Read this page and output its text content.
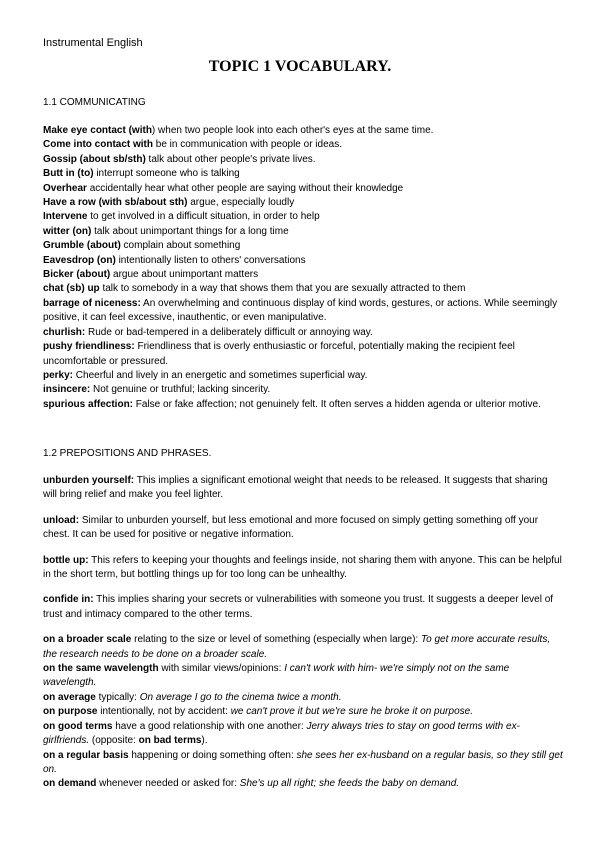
Instrumental English
TOPIC 1 VOCABULARY.
1.1 COMMUNICATING

Make eye contact (with) when two people look into each other's eyes at the same time.

Come into contact with be in communication with people or ideas.

Gossip (about sb/sth) talk about other people's private lives.

Butt in (to) interrupt someone who is talking

Overhear accidentally hear what other people are saying without their knowledge

Have a row (with sb/about sth) argue, especially loudly

Intervene to get involved in a difficult situation, in order to help

witter (on) talk about unimportant things for a long time

Grumble (about) complain about something

Eavesdrop (on) intentionally listen to others' conversations

Bicker (about) argue about unimportant matters

chat (sb) up talk to somebody in a way that shows them that you are sexually attracted to them

barrage of niceness: An overwhelming and continuous display of kind words, gestures, or actions. While seemingly positive, it can feel excessive, inauthentic, or even manipulative.

churlish: Rude or bad-tempered in a deliberately difficult or annoying way.

pushy friendliness: Friendliness that is overly enthusiastic or forceful, potentially making the recipient feel uncomfortable or pressured.

perky: Cheerful and lively in an energetic and sometimes superficial way.

insincere: Not genuine or truthful; lacking sincerity.

spurious affection: False or fake affection; not genuinely felt. It often serves a hidden agenda or ulterior motive.

1.2 PREPOSITIONS AND PHRASES.

unburden yourself: This implies a significant emotional weight that needs to be released. It suggests that sharing will bring relief and make you feel lighter.

unload: Similar to unburden yourself, but less emotional and more focused on simply getting something off your chest. It can be used for positive or negative information.

bottle up: This refers to keeping your thoughts and feelings inside, not sharing them with anyone. This can be helpful in the short term, but bottling things up for too long can be unhealthy.

confide in: This implies sharing your secrets or vulnerabilities with someone you trust. It suggests a deeper level of trust and intimacy compared to the other terms.

on a broader scale relating to the size or level of something (especially when large): To get more accurate results, the research needs to be done on a broader scale.

on the same wavelength with similar views/opinions: I can't work with him- we're simply not on the same wavelength.

on average typically: On average I go to the cinema twice a month.

on purpose intentionally, not by accident: we can't prove it but we're sure he broke it on purpose.

on good terms have a good relationship with one another: Jerry always tries to stay on good terms with ex-girlfriends. (opposite: on bad terms).

on a regular basis happening or doing something often: she sees her ex-husband on a regular basis, so they still get on.

on demand whenever needed or asked for: She's up all right; she feeds the baby on demand.
